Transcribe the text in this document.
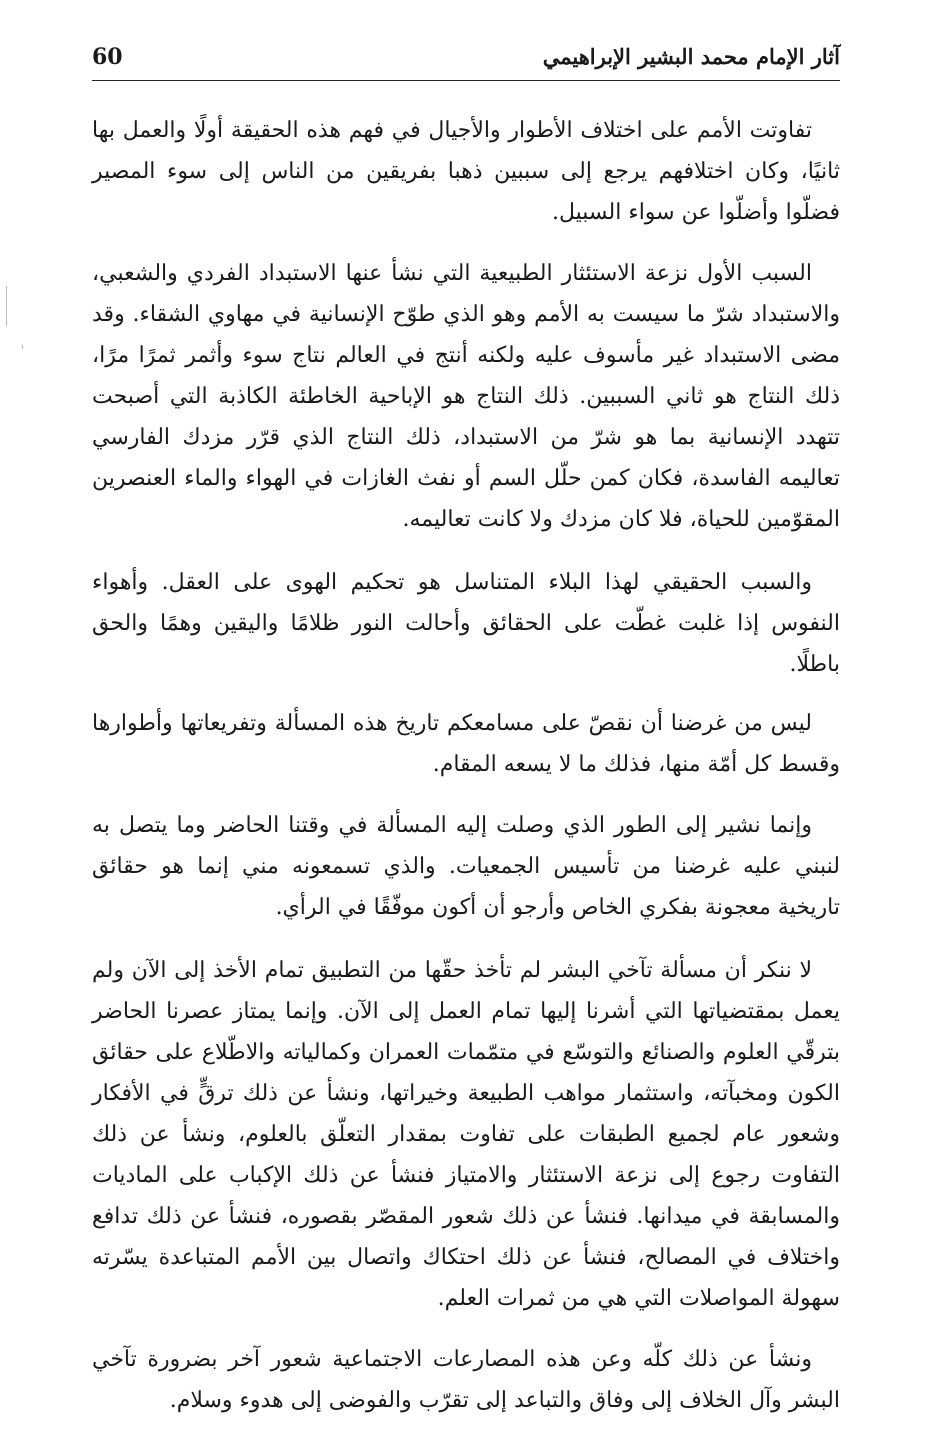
60	آثار الإمام محمد البشير الإبراهيمي

تفاوتت الأمم على اختلاف الأطوار والأجيال في فهم هذه الحقيقة أولًا والعمل بها ثانيًا، وكان اختلافهم يرجع إلى سببين ذهبا بفريقين من الناس إلى سوء المصير فضلّوا وأضلّوا عن سواء السبيل.

السبب الأول نزعة الاستئثار الطبيعية التي نشأ عنها الاستبداد الفردي والشعبي، والاستبداد شرّ ما سيست به الأمم وهو الذي طوّح الإنسانية في مهاوي الشقاء. وقد مضى الاستبداد غير مأسوف عليه ولكنه أنتج في العالم نتاج سوء وأثمر ثمرًا مرًا، ذلك النتاج هو ثاني السببين. ذلك النتاج هو الإباحية الخاطئة الكاذبة التي أصبحت تتهدد الإنسانية بما هو شرّ من الاستبداد، ذلك النتاج الذي قرّر مزدك الفارسي تعاليمه الفاسدة، فكان كمن حلّل السم أو نفث الغازات في الهواء والماء العنصرين المقوّمين للحياة، فلا كان مزدك ولا كانت تعاليمه.

والسبب الحقيقي لهذا البلاء المتناسل هو تحكيم الهوى على العقل. وأهواء النفوس إذا غلبت غطّت على الحقائق وأحالت النور ظلامًا واليقين وهمًا والحق باطلًا.

ليس من غرضنا أن نقصّ على مسامعكم تاريخ هذه المسألة وتفريعاتها وأطوارها وقسط كل أمّة منها، فذلك ما لا يسعه المقام.

وإنما نشير إلى الطور الذي وصلت إليه المسألة في وقتنا الحاضر وما يتصل به لنبني عليه غرضنا من تأسيس الجمعيات. والذي تسمعونه مني إنما هو حقائق تاريخية معجونة بفكري الخاص وأرجو أن أكون موفّقًا في الرأي.

لا ننكر أن مسألة تآخي البشر لم تأخذ حقّها من التطبيق تمام الأخذ إلى الآن ولم يعمل بمقتضياتها التي أشرنا إليها تمام العمل إلى الآن. وإنما يمتاز عصرنا الحاضر بترقّي العلوم والصنائع والتوسّع في متمّمات العمران وكمالياته والاطّلاع على حقائق الكون ومخبآته، واستثمار مواهب الطبيعة وخيراتها، ونشأ عن ذلك ترقٍّ في الأفكار وشعور عام لجميع الطبقات على تفاوت بمقدار التعلّق بالعلوم، ونشأ عن ذلك التفاوت رجوع إلى نزعة الاستئثار والامتياز فنشأ عن ذلك الإكباب على الماديات والمسابقة في ميدانها. فنشأ عن ذلك شعور المقصّر بقصوره، فنشأ عن ذلك تدافع واختلاف في المصالح، فنشأ عن ذلك احتكاك واتصال بين الأمم المتباعدة يسّرته سهولة المواصلات التي هي من ثمرات العلم.

ونشأ عن ذلك كلّه وعن هذه المصارعات الاجتماعية شعور آخر بضرورة تآخي البشر وآل الخلاف إلى وفاق والتباعد إلى تقرّب والفوضى إلى هدوء وسلام.
